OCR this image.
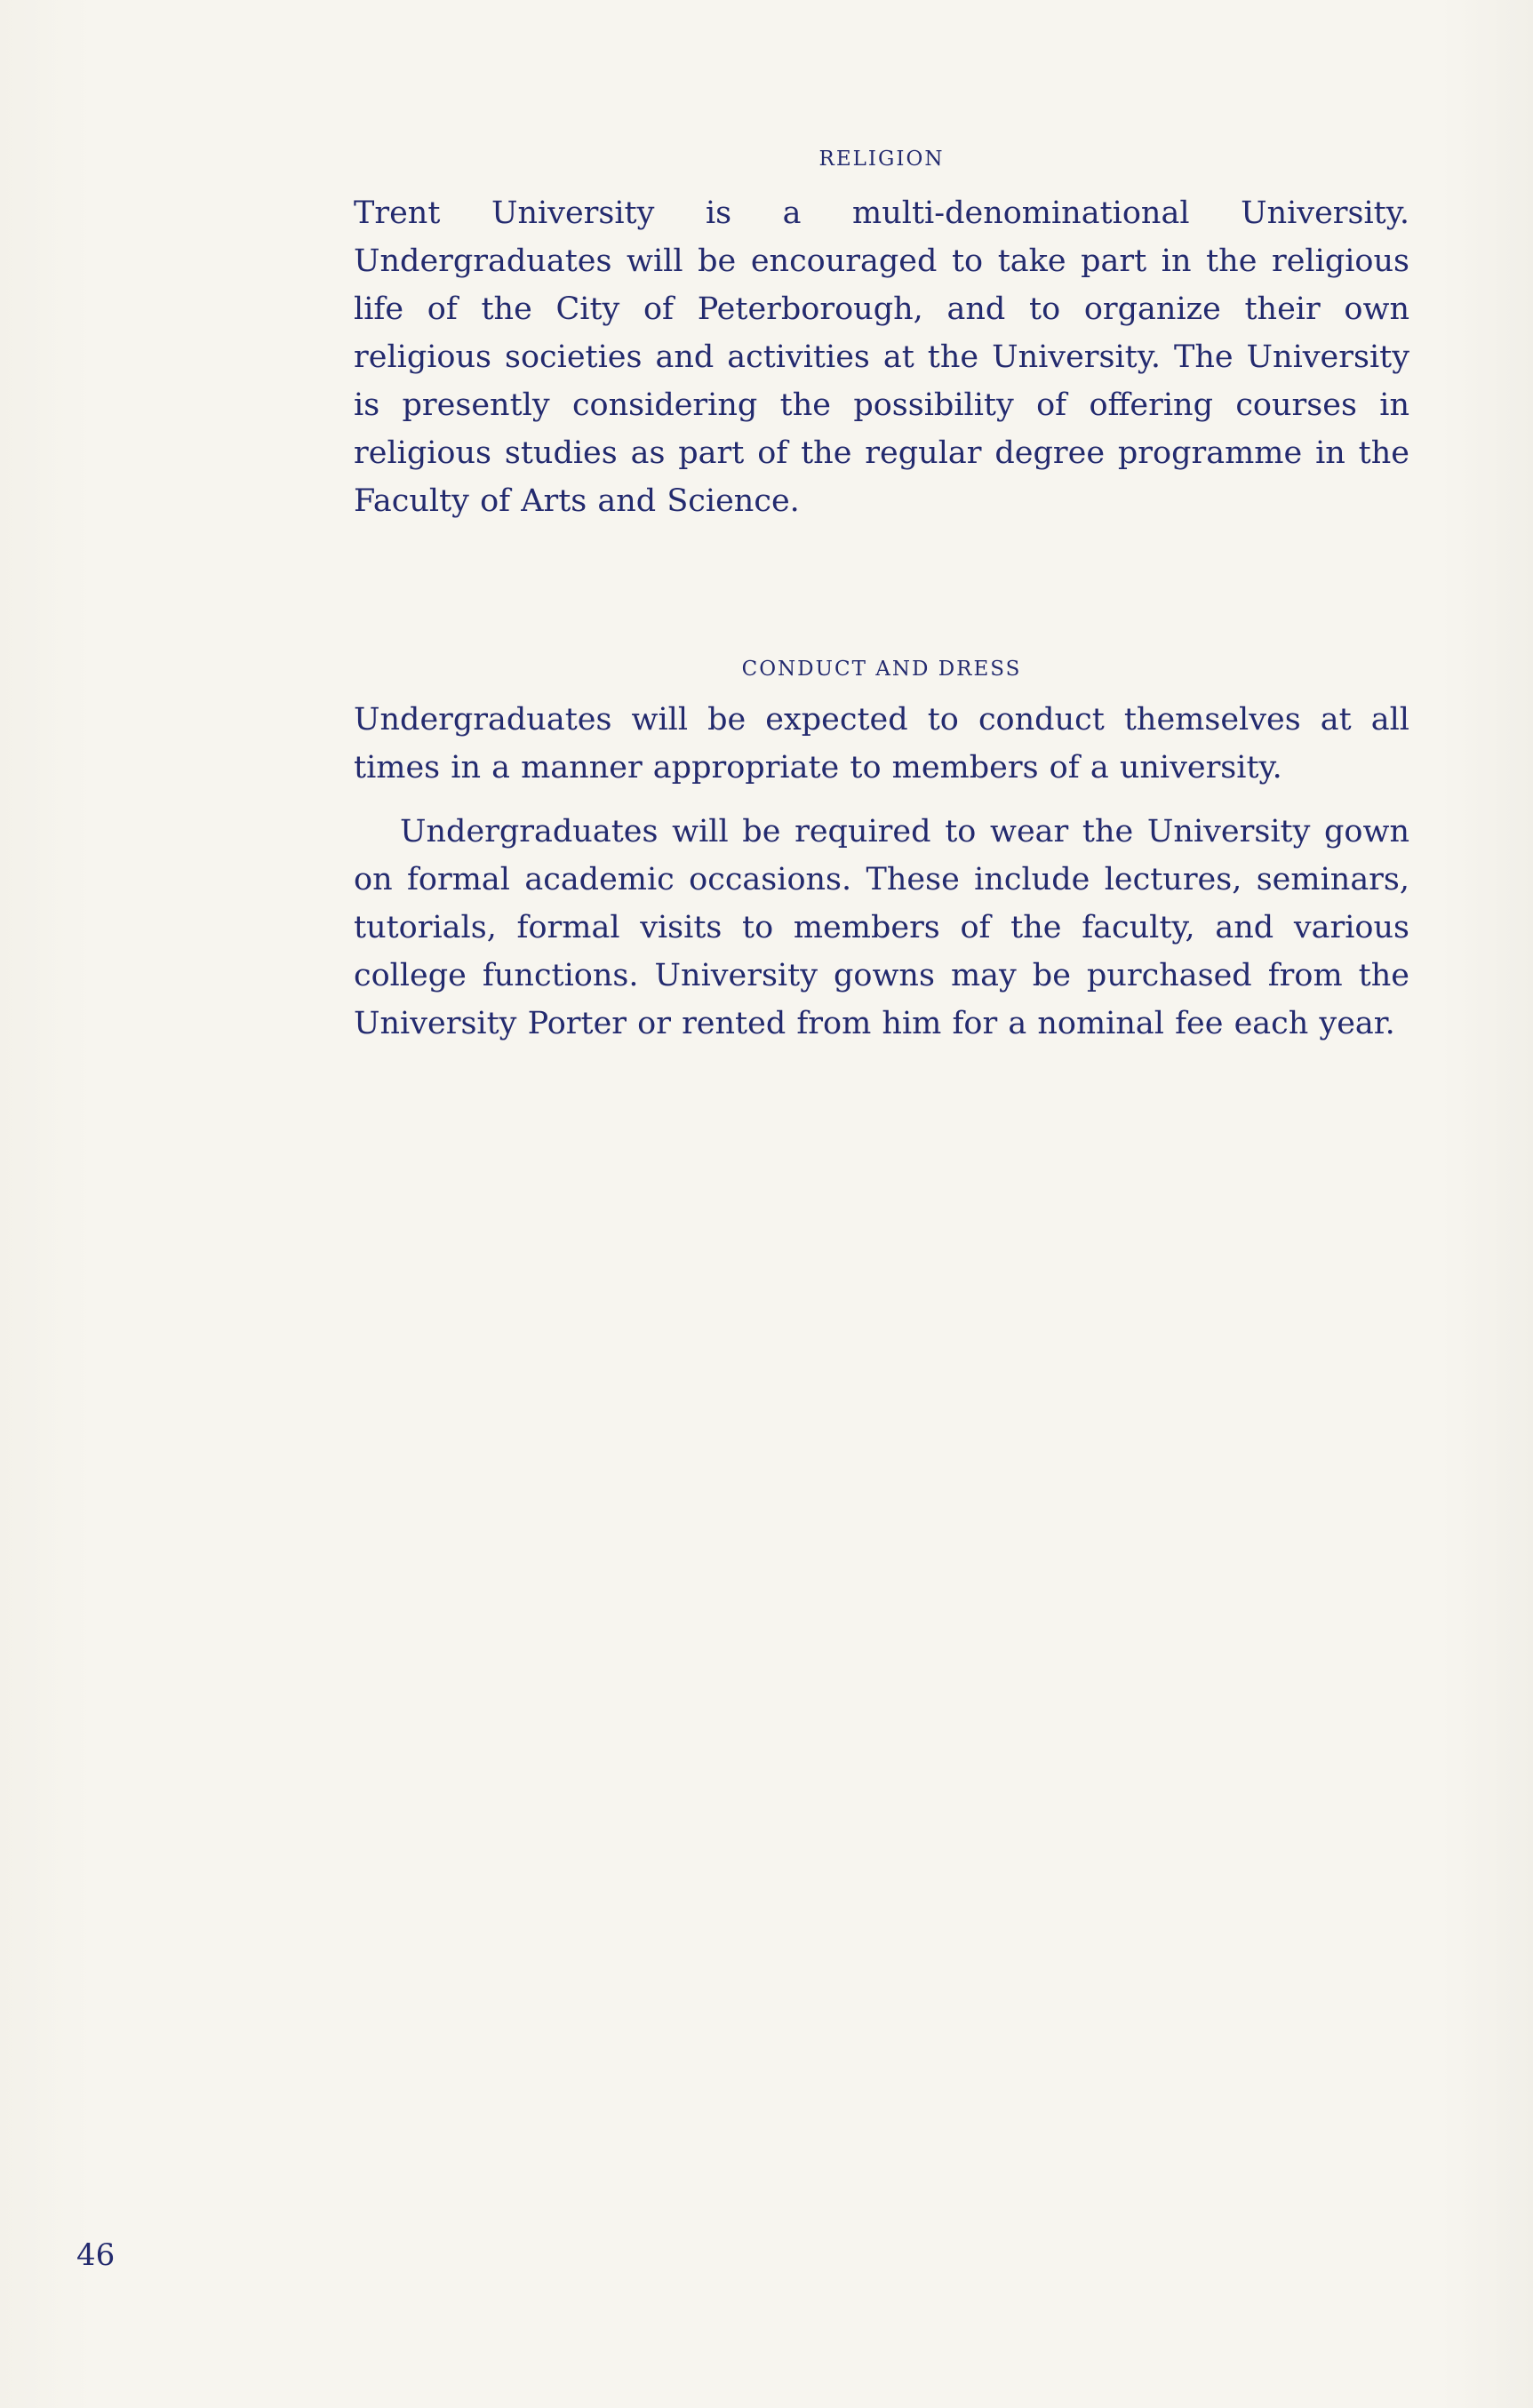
RELIGION

Trent University is a multi-denominational University. Undergraduates will be encouraged to take part in the religious life of the City of Peterborough, and to organize their own religious societies and activities at the University. The University is presently considering the possibility of offering courses in religious studies as part of the regular degree programme in the Faculty of Arts and Science.

CONDUCT AND DRESS

Undergraduates will be expected to conduct themselves at all times in a manner appropriate to members of a university.

Undergraduates will be required to wear the University gown on formal academic occasions. These include lectures, seminars, tutorials, formal visits to members of the faculty, and various college functions. University gowns may be purchased from the University Porter or rented from him for a nominal fee each year.

46
